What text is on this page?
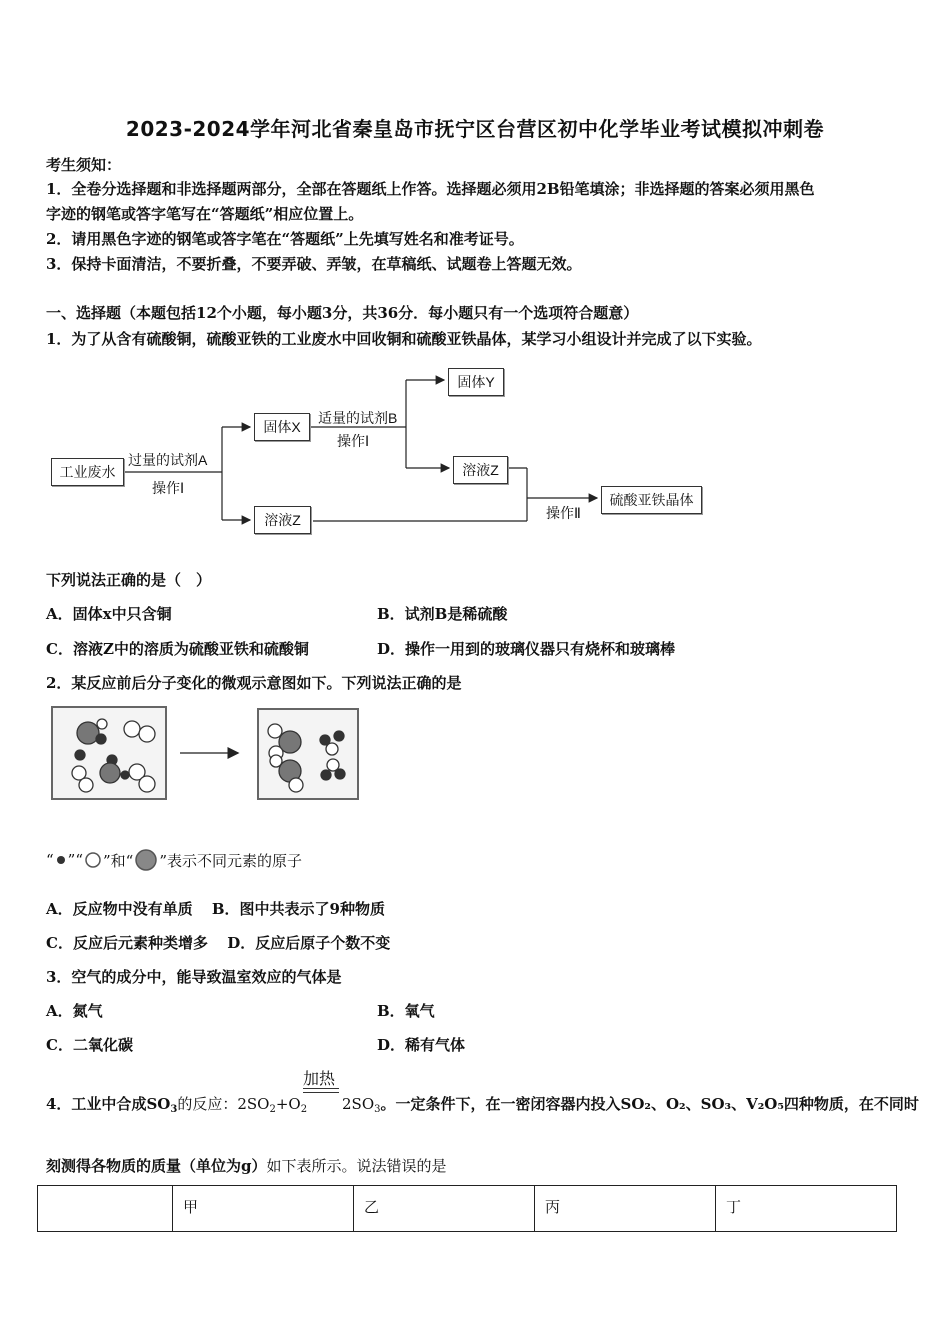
2023-2024学年河北省秦皇岛市抚宁区台营区初中化学毕业考试模拟冲刺卷
考生须知：
1．全卷分选择题和非选择题两部分，全部在答题纸上作答。选择题必须用2B铅笔填涂；非选择题的答案必须用黑色
字迹的钢笔或答字笔写在“答题纸”相应位置上。
2．请用黑色字迹的钢笔或答字笔在“答题纸”上先填写姓名和准考证号。
3．保持卡面清洁，不要折叠，不要弄破、弄皱，在草稿纸、试题卷上答题无效。
一、选择题（本题包括12个小题，每小题3分，共36分．每小题只有一个选项符合题意）
1．为了从含有硫酸铜，硫酸亚铁的工业废水中回收铜和硫酸亚铁晶体，某学习小组设计并完成了以下实验。
工业废水
过量的试剂A
操作Ⅰ
固体X
适量的试剂B
操作Ⅰ
固体Y
溶液Z
溶液Z	操作Ⅱ
硫酸亚铁晶体
下列说法正确的是（　）
A．固体x中只含铜	B．试剂B是稀硫酸
C．溶液Z中的溶质为硫酸亚铁和硫酸铜	D．操作一用到的玻璃仪器只有烧杯和玻璃棒
2．某反应前后分子变化的微观示意图如下。下列说法正确的是
“ ”“ ”和“ ”表示不同元素的原子
A．反应物中没有单质 B．图中共表示了9种物质
C．反应后元素种类增多 D．反应后原子个数不变
3．空气的成分中，能导致温室效应的气体是
A．氮气	B．氧气
C．二氧化碳	D．稀有气体
加热
4．工业中合成$SO_3$的反应：$2SO_2+O_2$ $2SO_3$。一定条件下，在一密闭容器内投入SO₂、O₂、SO₃、V₂O₅四种物质，在不同时
刻测得各物质的质量（单位为g）如下表所示。说法错误的是
	甲	乙	丙	丁
